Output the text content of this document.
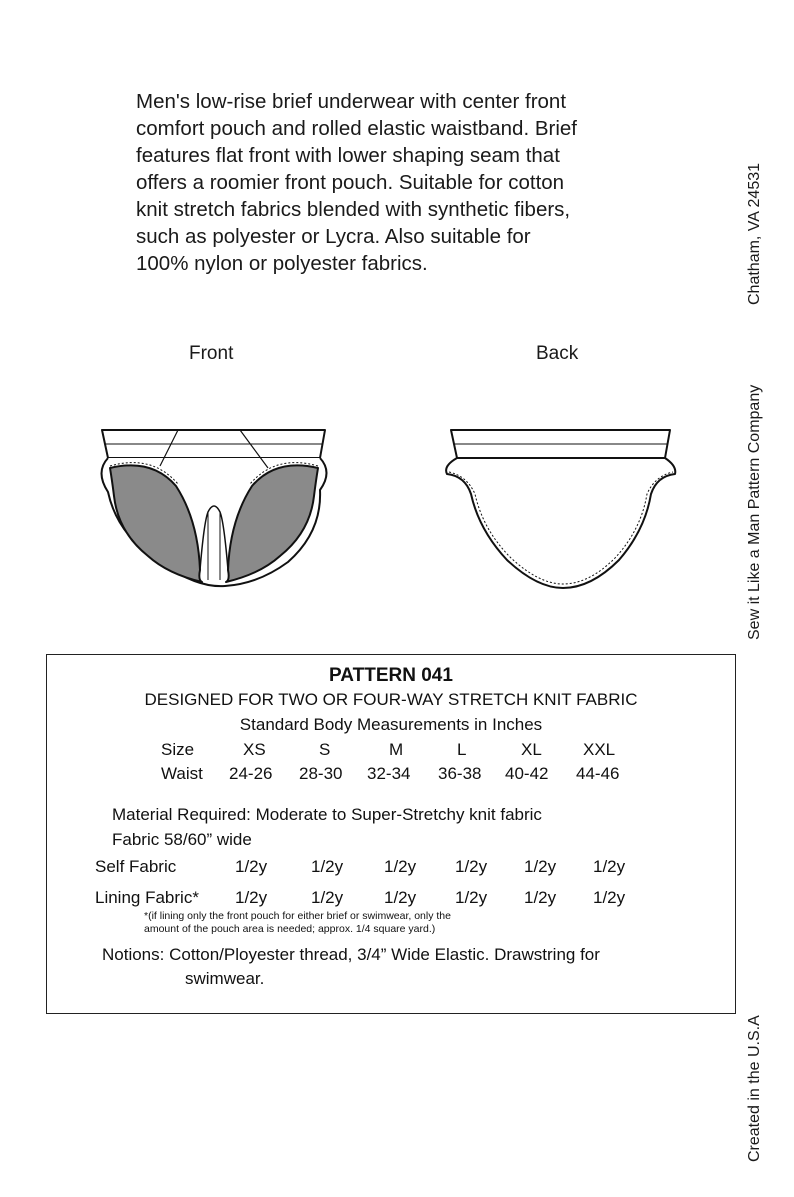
Men's low-rise brief underwear with center front

comfort pouch and rolled elastic waistband. Brief

features flat front with lower shaping seam that

offers a roomier front pouch. Suitable for cotton

knit stretch fabrics blended with synthetic fibers,

such as polyester or Lycra. Also suitable for

100% nylon or polyester fabrics.	Chatham, VA 24531
Sew it Like a Man Pattern Company
Created in the U.S.A
Front	Back
PATTERN 041
DESIGNED FOR TWO OR FOUR-WAY STRETCH KNIT FABRIC
Standard Body Measurements in Inches
Size	XS	S	M	L	XL XXL
Waist 24-26 28-30 32-34 36-38 40-42 44-46
Material Required: Moderate to Super-Stretchy knit fabric
Fabric 58/60” wide
Self Fabric	1/2y	1/2y 1/2y 1/2y 1/2y 1/2y
Lining Fabric* 1/2y	1/2y 1/2y 1/2y 1/2y 1/2y
*(if lining only the front pouch for either brief or swimwear, only the
amount of the pouch area is needed; approx. 1/4 square yard.)
Notions: Cotton/Ployester thread, 3/4” Wide Elastic. Drawstring for
swimwear.
